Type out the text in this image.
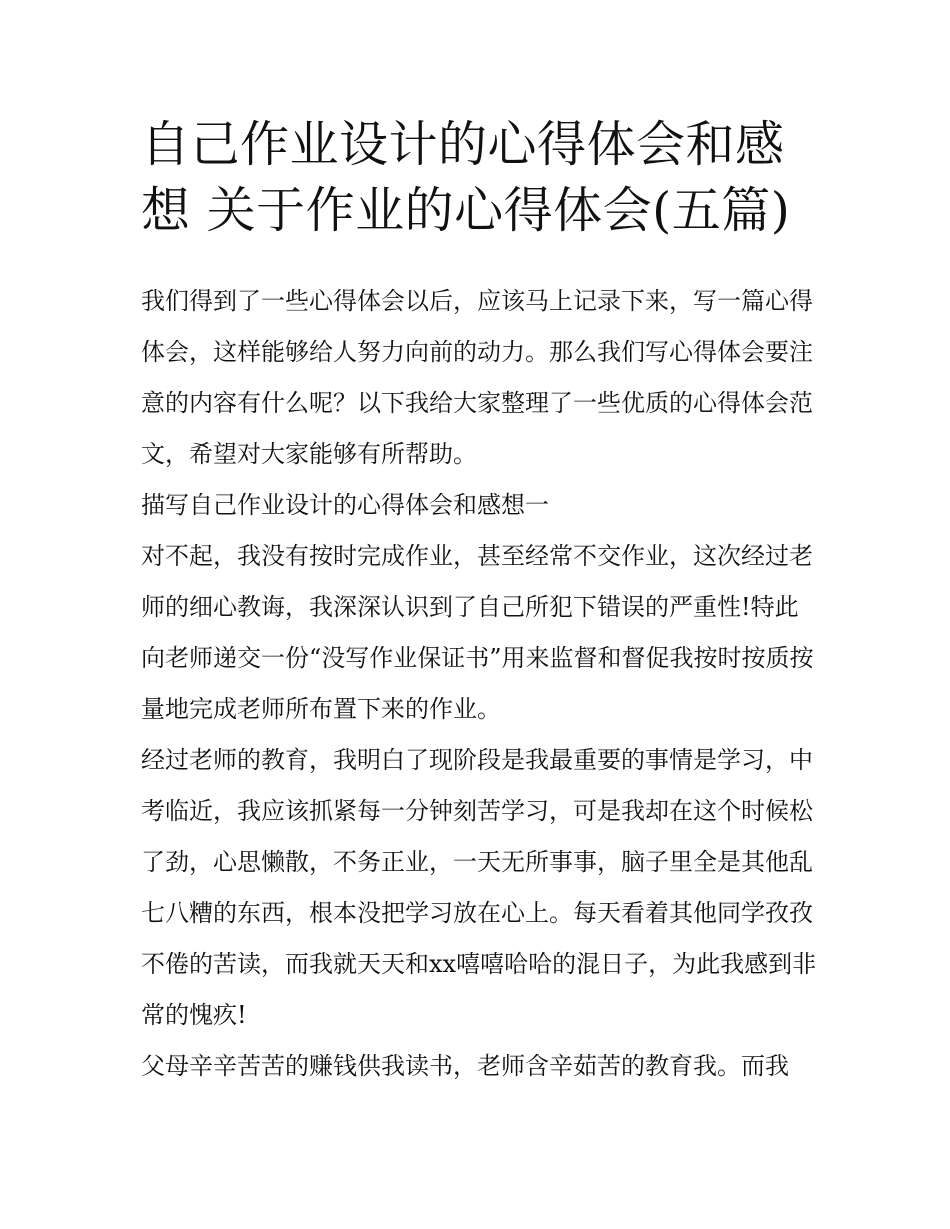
自己作业设计的心得体会和感想 关于作业的心得体会(五篇)

我们得到了一些心得体会以后，应该马上记录下来，写一篇心得体会，这样能够给人努力向前的动力。那么我们写心得体会要注意的内容有什么呢？以下我给大家整理了一些优质的心得体会范文，希望对大家能够有所帮助。

描写自己作业设计的心得体会和感想一

对不起，我没有按时完成作业，甚至经常不交作业，这次经过老师的细心教诲，我深深认识到了自己所犯下错误的严重性!特此向老师递交一份“没写作业保证书”用来监督和督促我按时按质按量地完成老师所布置下来的作业。

经过老师的教育，我明白了现阶段是我最重要的事情是学习，中考临近，我应该抓紧每一分钟刻苦学习，可是我却在这个时候松了劲，心思懒散，不务正业，一天无所事事，脑子里全是其他乱七八糟的东西，根本没把学习放在心上。每天看着其他同学孜孜不倦的苦读，而我就天天和xx嘻嘻哈哈的混日子，为此我感到非常的愧疚!

父母辛辛苦苦的赚钱供我读书，老师含辛茹苦的教育我。而我
